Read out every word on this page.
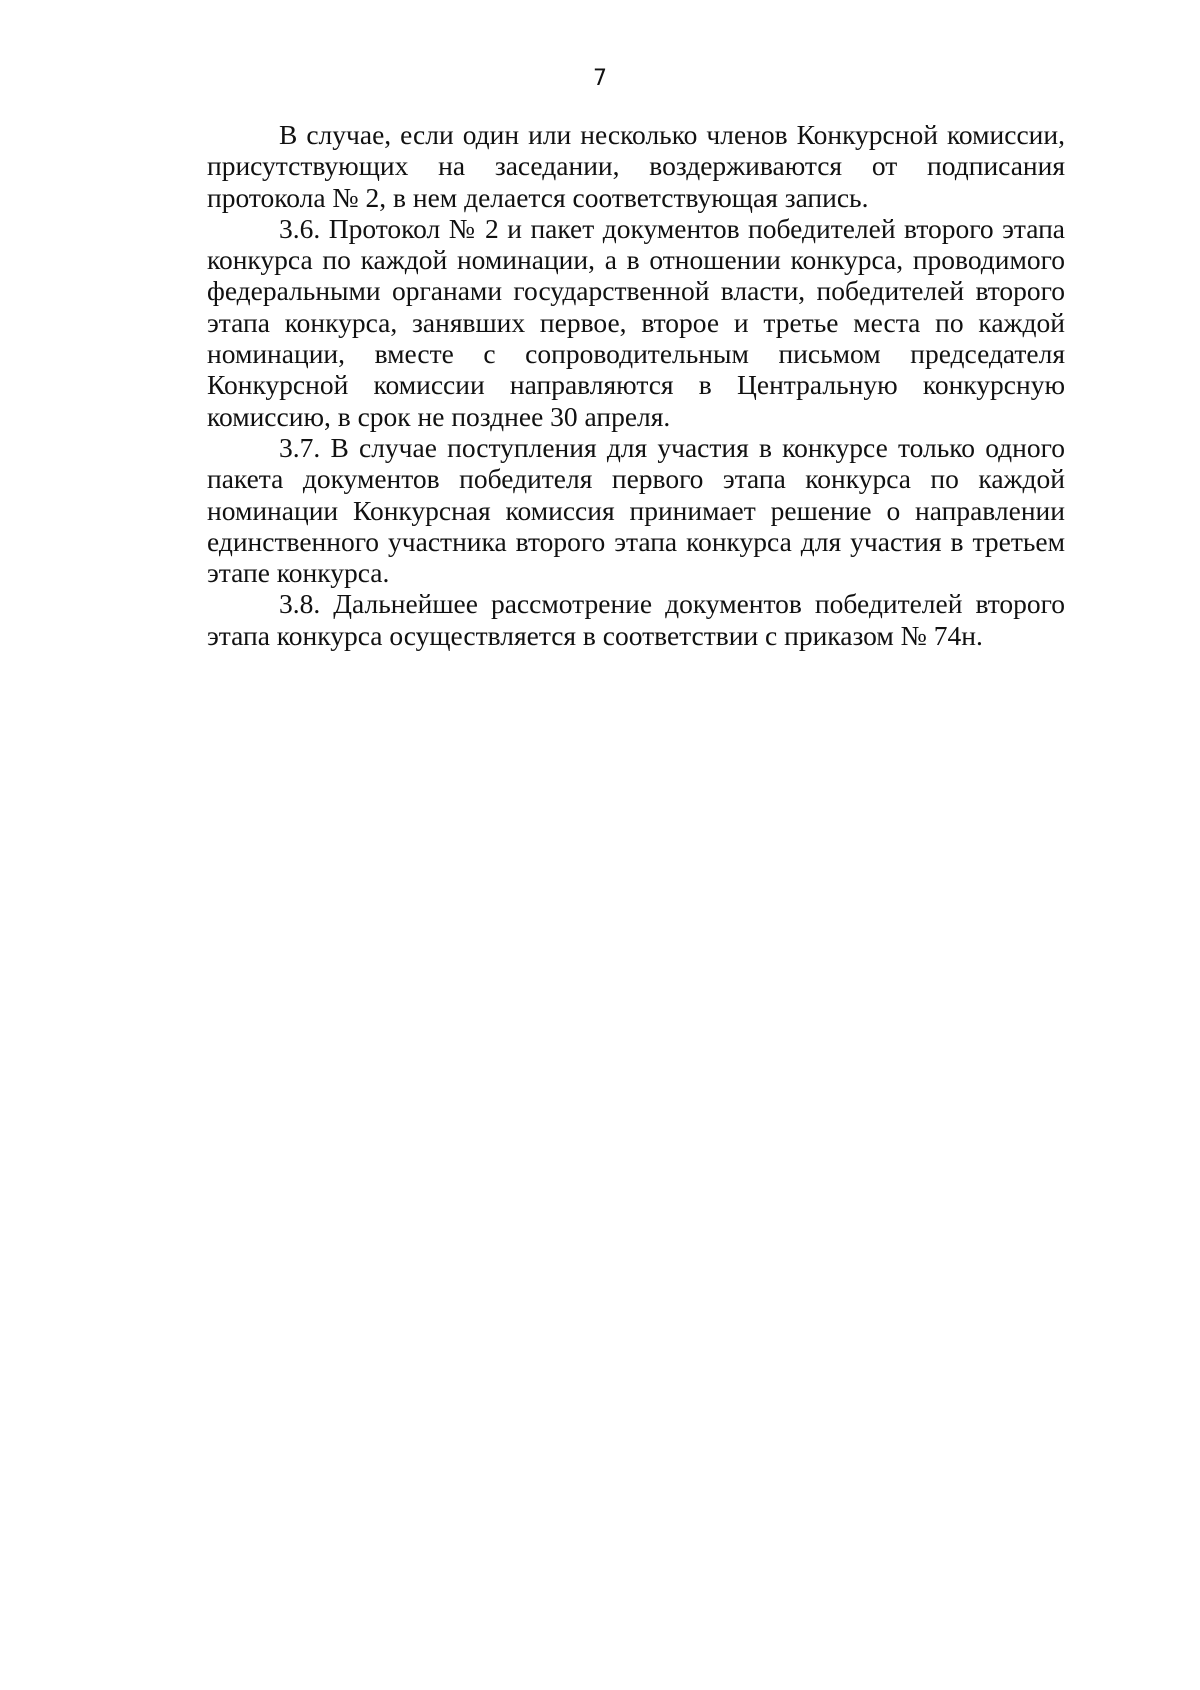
7

В случае, если один или несколько членов Конкурсной комиссии, присутствующих на заседании, воздерживаются от подписания протокола № 2, в нем делается соответствующая запись.

3.6. Протокол № 2 и пакет документов победителей второго этапа конкурса по каждой номинации, а в отношении конкурса, проводимого федеральными органами государственной власти, победителей второго этапа конкурса, занявших первое, второе и третье места по каждой номинации, вместе с сопроводительным письмом председателя Конкурсной комиссии направляются в Центральную конкурсную комиссию, в срок не позднее 30 апреля.

3.7. В случае поступления для участия в конкурсе только одного пакета документов победителя первого этапа конкурса по каждой номинации Конкурсная комиссия принимает решение о направлении единственного участника второго этапа конкурса для участия в третьем этапе конкурса.

3.8. Дальнейшее рассмотрение документов победителей второго этапа конкурса осуществляется в соответствии с приказом № 74н.
